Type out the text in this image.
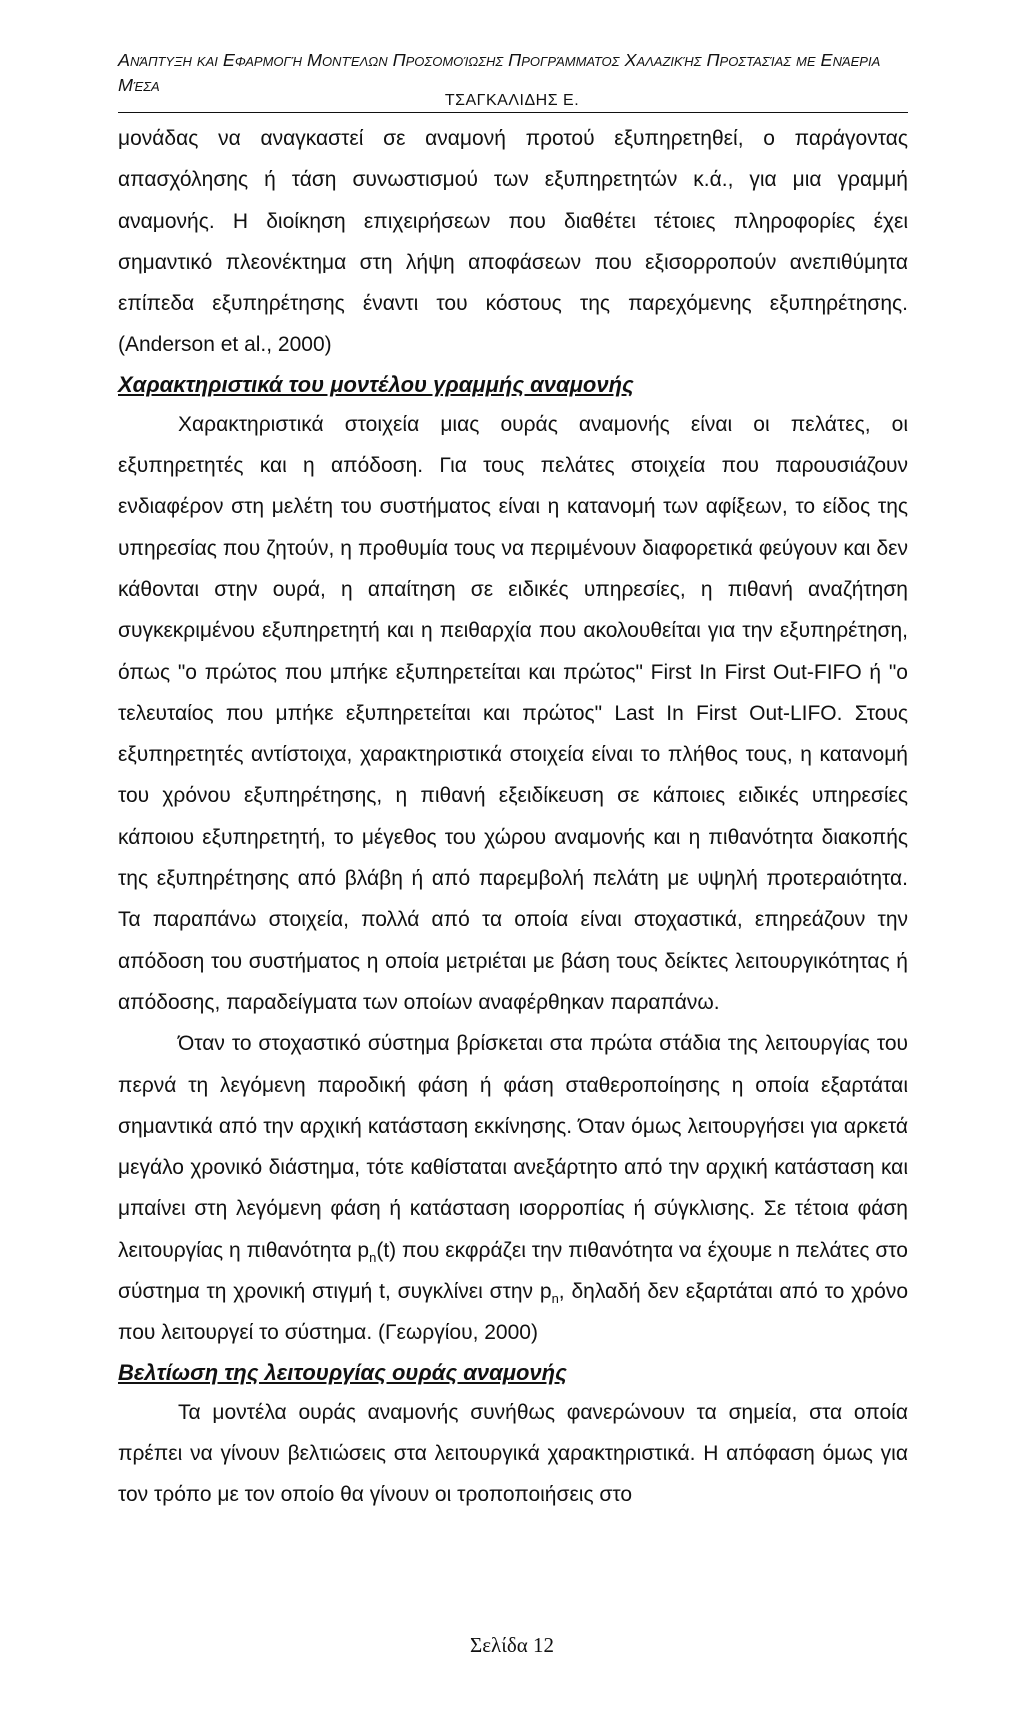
Ανάπτυξη και Εφαρμογή Μοντέλων Προσομοίωσης Προγράμματος Χαλαζικής Προστασίας με Ενάερια Μέσα
ΤΣΑΓΚΑΛΙΔΗΣ Ε.

μονάδας να αναγκαστεί σε αναμονή προτού εξυπηρετηθεί, ο παράγοντας απασχόλησης ή τάση συνωστισμού των εξυπηρετητών κ.ά., για μια γραμμή αναμονής. Η διοίκηση επιχειρήσεων που διαθέτει τέτοιες πληροφορίες έχει σημαντικό πλεονέκτημα στη λήψη αποφάσεων που εξισορροπούν ανεπιθύμητα επίπεδα εξυπηρέτησης έναντι του κόστους της παρεχόμενης εξυπηρέτησης. (Anderson et al., 2000)

Χαρακτηριστικά του μοντέλου γραμμής αναμονής

Χαρακτηριστικά στοιχεία μιας ουράς αναμονής είναι οι πελάτες, οι εξυπηρετητές και η απόδοση. Για τους πελάτες στοιχεία που παρουσιάζουν ενδιαφέρον στη μελέτη του συστήματος είναι η κατανομή των αφίξεων, το είδος της υπηρεσίας που ζητούν, η προθυμία τους να περιμένουν διαφορετικά φεύγουν και δεν κάθονται στην ουρά, η απαίτηση σε ειδικές υπηρεσίες, η πιθανή αναζήτηση συγκεκριμένου εξυπηρετητή και η πειθαρχία που ακολουθείται για την εξυπηρέτηση, όπως "ο πρώτος που μπήκε εξυπηρετείται και πρώτος" First In First Out-FIFO ή "ο τελευταίος που μπήκε εξυπηρετείται και πρώτος" Last In First Out-LIFO. Στους εξυπηρετητές αντίστοιχα, χαρακτηριστικά στοιχεία είναι το πλήθος τους, η κατανομή του χρόνου εξυπηρέτησης, η πιθανή εξειδίκευση σε κάποιες ειδικές υπηρεσίες κάποιου εξυπηρετητή, το μέγεθος του χώρου αναμονής και η πιθανότητα διακοπής της εξυπηρέτησης από βλάβη ή από παρεμβολή πελάτη με υψηλή προτεραιότητα. Τα παραπάνω στοιχεία, πολλά από τα οποία είναι στοχαστικά, επηρεάζουν την απόδοση του συστήματος η οποία μετριέται με βάση τους δείκτες λειτουργικότητας ή απόδοσης, παραδείγματα των οποίων αναφέρθηκαν παραπάνω.

Όταν το στοχαστικό σύστημα βρίσκεται στα πρώτα στάδια της λειτουργίας του περνά τη λεγόμενη παροδική φάση ή φάση σταθεροποίησης η οποία εξαρτάται σημαντικά από την αρχική κατάσταση εκκίνησης. Όταν όμως λειτουργήσει για αρκετά μεγάλο χρονικό διάστημα, τότε καθίσταται ανεξάρτητο από την αρχική κατάσταση και μπαίνει στη λεγόμενη φάση ή κατάσταση ισορροπίας ή σύγκλισης. Σε τέτοια φάση λειτουργίας η πιθανότητα $p_n(t)$ που εκφράζει την πιθανότητα να έχουμε n πελάτες στο σύστημα τη χρονική στιγμή t, συγκλίνει στην $p_n$, δηλαδή δεν εξαρτάται από το χρόνο που λειτουργεί το σύστημα. (Γεωργίου, 2000)

Βελτίωση της λειτουργίας ουράς αναμονής

Τα μοντέλα ουράς αναμονής συνήθως φανερώνουν τα σημεία, στα οποία πρέπει να γίνουν βελτιώσεις στα λειτουργικά χαρακτηριστικά. Η απόφαση όμως για τον τρόπο με τον οποίο θα γίνουν οι τροποποιήσεις στο

Σελίδα 12
